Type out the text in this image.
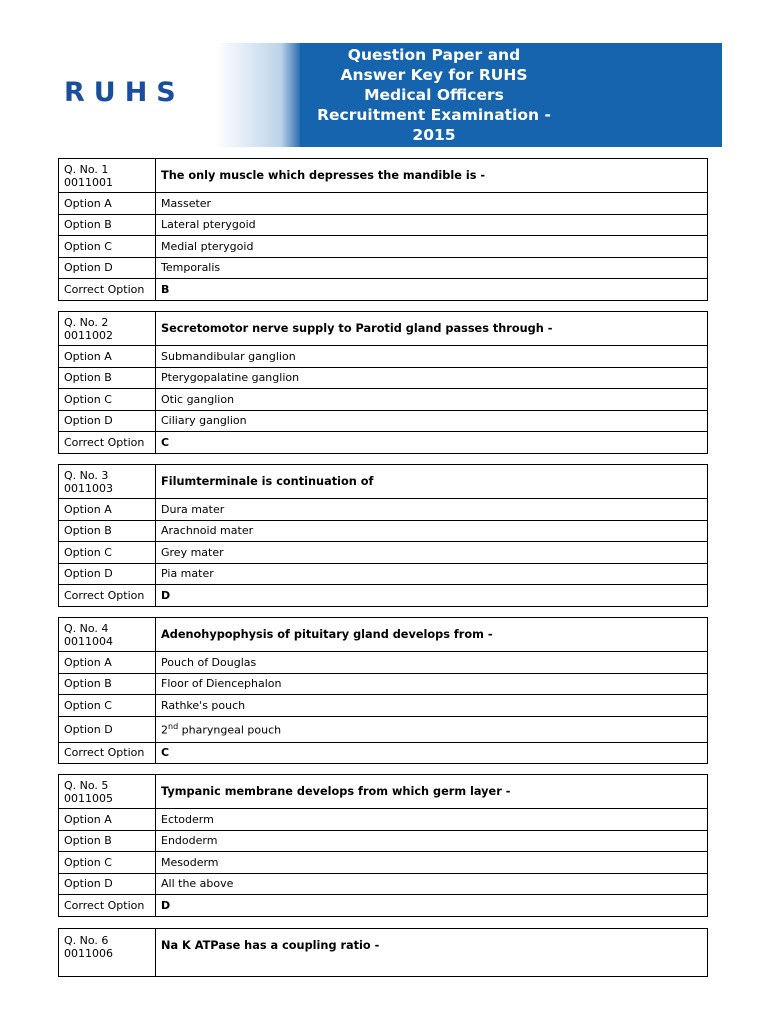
RUHS
Question Paper and
Answer Key for RUHS
Medical Officers
Recruitment Examination -
2015
Q. No. 1
0011001	The only muscle which depresses the mandible is -
Option A	Masseter
Option B	Lateral pterygoid
Option C	Medial pterygoid
Option D	Temporalis
Correct Option	B
Q. No. 2
0011002	Secretomotor nerve supply to Parotid gland passes through -
Option A	Submandibular ganglion
Option B	Pterygopalatine ganglion
Option C	Otic ganglion
Option D	Ciliary ganglion
Correct Option	C
Q. No. 3
0011003	Filumterminale is continuation of
Option A	Dura mater
Option B	Arachnoid mater
Option C	Grey mater
Option D	Pia mater
Correct Option	D
Q. No. 4
0011004	Adenohypophysis of pituitary gland develops from -
Option A	Pouch of Douglas
Option B	Floor of Diencephalon
Option C	Rathke's pouch
Option D	2nd pharyngeal pouch
Correct Option	C
Q. No. 5
0011005	Tympanic membrane develops from which germ layer -
Option A	Ectoderm
Option B	Endoderm
Option C	Mesoderm
Option D	All the above
Correct Option	D
Q. No. 6
0011006	Na K ATPase has a coupling ratio -
